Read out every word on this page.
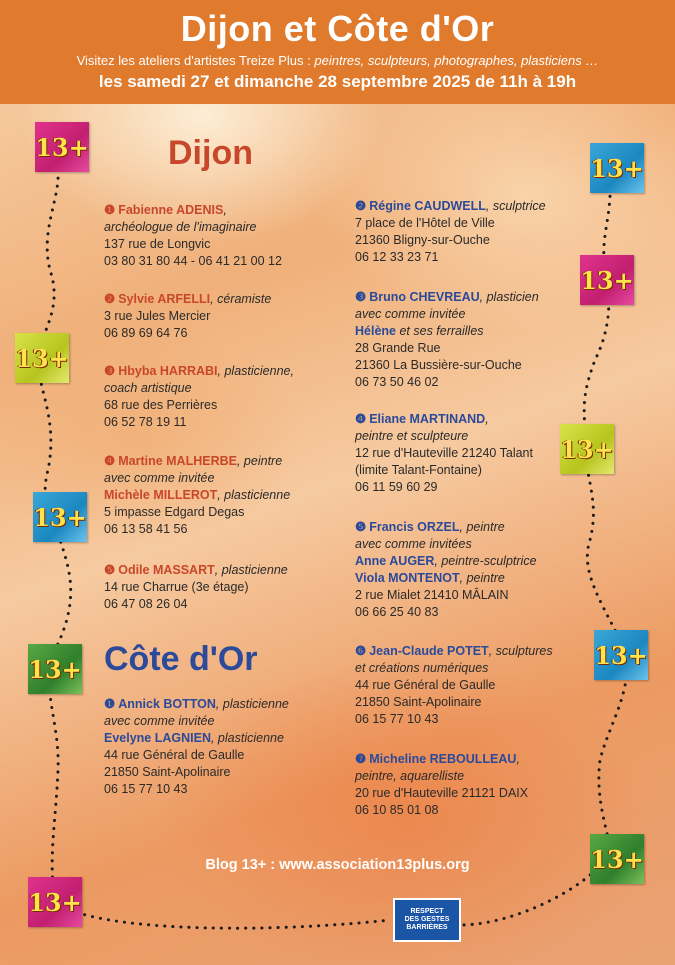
Dijon et Côte d'Or
Visitez les ateliers d'artistes Treize Plus : peintres, sculpteurs, photographes, plasticiens …
les samedi 27 et dimanche 28 septembre 2025 de 11h à 19h
13+
13+
13+
13+
13+
13+
13+
13+
13+
13+
Dijon
Côte d'Or
❶ Fabienne ADENIS,
archéologue de l'imaginaire
137 rue de Longvic
03 80 31 80 44 - 06 41 21 00 12
❷ Sylvie ARFELLI, céramiste
3 rue Jules Mercier
06 89 69 64 76
❸ Hbyba HARRABI, plasticienne,
coach artistique
68 rue des Perrières
06 52 78 19 11
❹ Martine MALHERBE, peintre
avec comme invitée
Michèle MILLEROT, plasticienne
5 impasse Edgard Degas
06 13 58 41 56
❺ Odile MASSART, plasticienne
14 rue Charrue (3e étage)
06 47 08 26 04
❶ Annick BOTTON, plasticienne
avec comme invitée
Evelyne LAGNIEN, plasticienne
44 rue Général de Gaulle
21850 Saint-Apolinaire
06 15 77 10 43
❷ Régine CAUDWELL, sculptrice
7 place de l'Hôtel de Ville
21360 Bligny-sur-Ouche
06 12 33 23 71
❸ Bruno CHEVREAU, plasticien
avec comme invitée
Hélène et ses ferrailles
28 Grande Rue
21360 La Bussière-sur-Ouche
06 73 50 46 02
❹ Eliane MARTINAND,
peintre et sculpteure
12 rue d'Hauteville 21240 Talant
(limite Talant-Fontaine)
06 11 59 60 29
❺ Francis ORZEL, peintre
avec comme invitées
Anne AUGER, peintre-sculptrice
Viola MONTENOT, peintre
2 rue Mialet 21410 MÂLAIN
06 66 25 40 83
❻ Jean-Claude POTET, sculptures
et créations numériques
44 rue Général de Gaulle
21850 Saint-Apolinaire
06 15 77 10 43
❼ Micheline REBOULLEAU,
peintre, aquarelliste
20 rue d'Hauteville 21121 DAIX
06 10 85 01 08
Blog 13+ : www.association13plus.org
RESPECT
DES GESTES
BARRIÈRES
